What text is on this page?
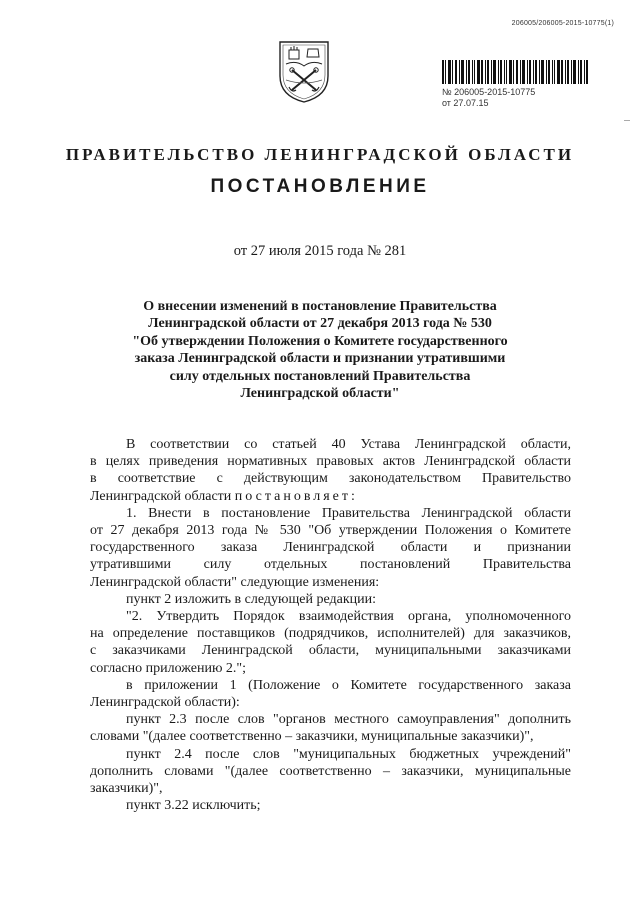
206005/206005-2015-10775(1)
№ 206005-2015-10775
от 27.07.15
ПРАВИТЕЛЬСТВО ЛЕНИНГРАДСКОЙ ОБЛАСТИ
ПОСТАНОВЛЕНИЕ
от 27 июля 2015 года № 281
О внесении изменений в постановление Правительства
Ленинградской области от 27 декабря 2013 года № 530
"Об утверждении Положения о Комитете государственного
заказа Ленинградской области и признании утратившими
силу отдельных постановлений Правительства
Ленинградской области"
В соответствии со статьей 40 Устава Ленинградской области,
в целях приведения нормативных правовых актов Ленинградской области
в соответствие с действующим законодательством Правительство
Ленинградской области постановляет:
1. Внести в постановление Правительства Ленинградской области
от 27 декабря 2013 года № 530 "Об утверждении Положения о Комитете
государственного заказа Ленинградской области и признании
утратившими силу отдельных постановлений Правительства
Ленинградской области" следующие изменения:
пункт 2 изложить в следующей редакции:
"2. Утвердить Порядок взаимодействия органа, уполномоченного
на определение поставщиков (подрядчиков, исполнителей) для заказчиков,
с заказчиками Ленинградской области, муниципальными заказчиками
согласно приложению 2.";
в приложении 1 (Положение о Комитете государственного заказа
Ленинградской области):
пункт 2.3 после слов "органов местного самоуправления" дополнить
словами "(далее соответственно – заказчики, муниципальные заказчики)",
пункт 2.4 после слов "муниципальных бюджетных учреждений"
дополнить словами "(далее соответственно – заказчики, муниципальные
заказчики)",
пункт 3.22 исключить;
